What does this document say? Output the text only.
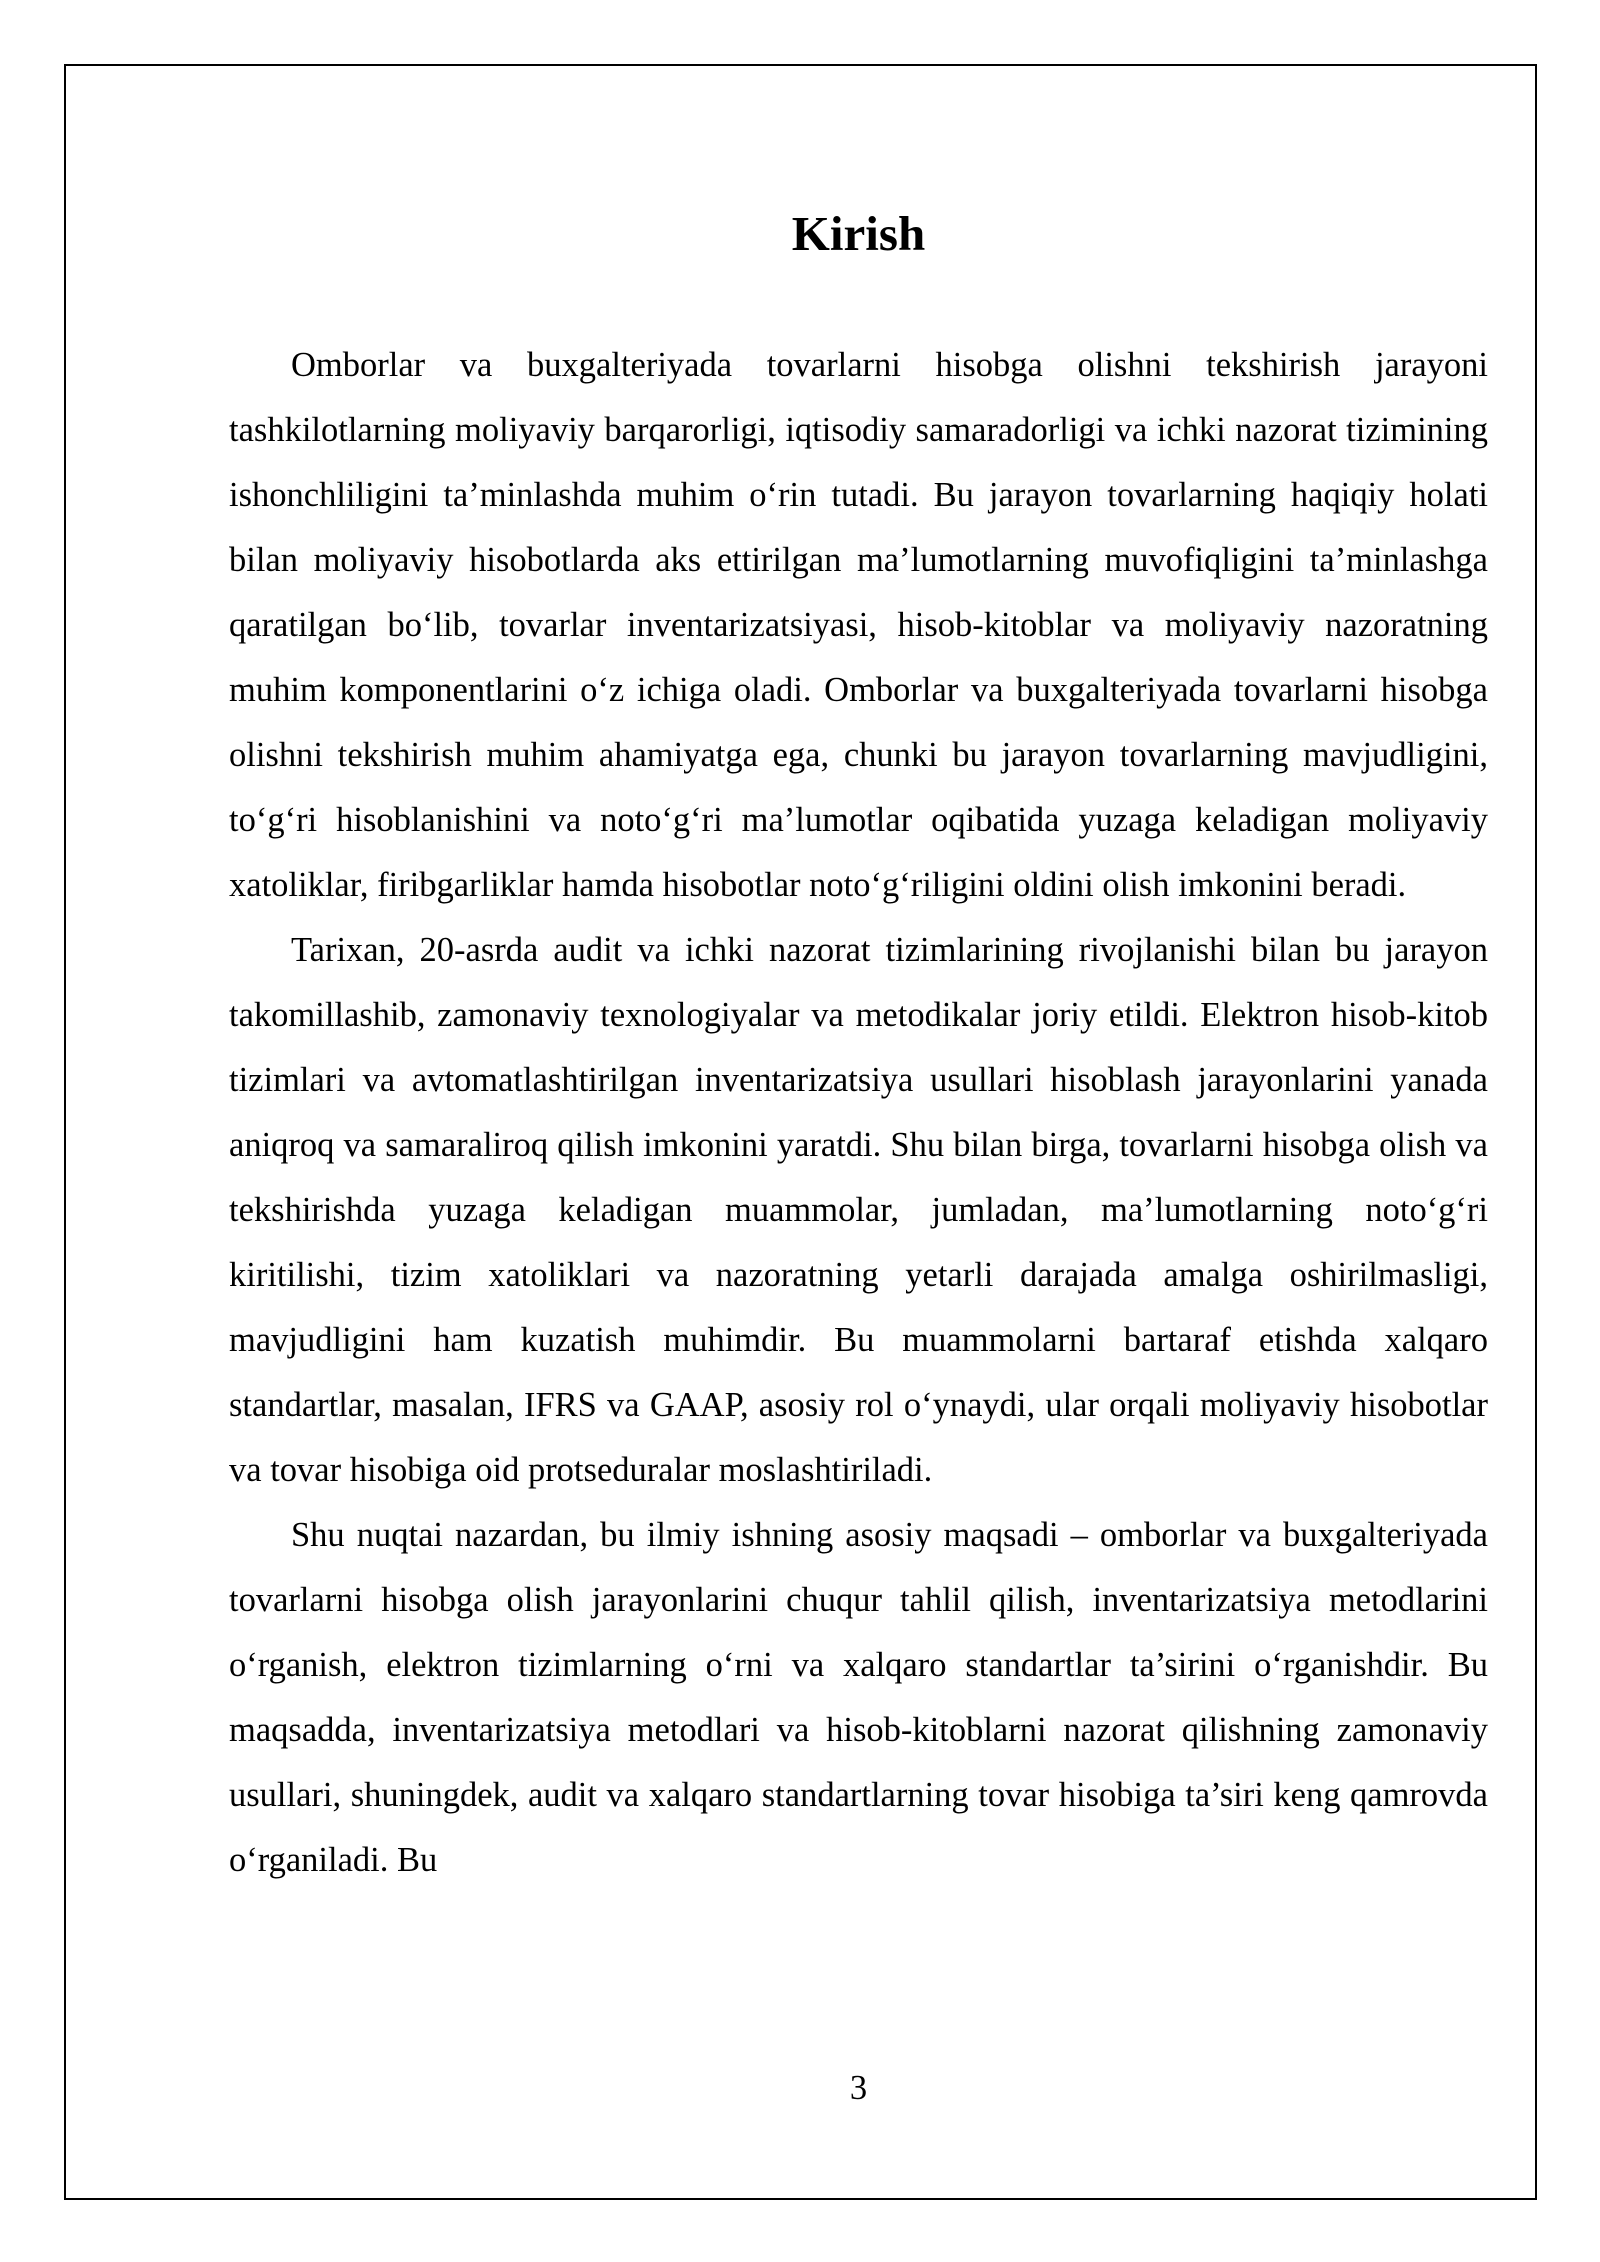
Kirish

Omborlar va buxgalteriyada tovarlarni hisobga olishni tekshirish jarayoni tashkilotlarning moliyaviy barqarorligi, iqtisodiy samaradorligi va ichki nazorat tizimining ishonchliligini ta’minlashda muhim o‘rin tutadi. Bu jarayon tovarlarning haqiqiy holati bilan moliyaviy hisobotlarda aks ettirilgan ma’lumotlarning muvofiqligini ta’minlashga qaratilgan bo‘lib, tovarlar inventarizatsiyasi, hisob-kitoblar va moliyaviy nazoratning muhim komponentlarini o‘z ichiga oladi. Omborlar va buxgalteriyada tovarlarni hisobga olishni tekshirish muhim ahamiyatga ega, chunki bu jarayon tovarlarning mavjudligini, to‘g‘ri hisoblanishini va noto‘g‘ri ma’lumotlar oqibatida yuzaga keladigan moliyaviy xatoliklar, firibgarliklar hamda hisobotlar noto‘g‘riligini oldini olish imkonini beradi.

Tarixan, 20-asrda audit va ichki nazorat tizimlarining rivojlanishi bilan bu jarayon takomillashib, zamonaviy texnologiyalar va metodikalar joriy etildi. Elektron hisob-kitob tizimlari va avtomatlashtirilgan inventarizatsiya usullari hisoblash jarayonlarini yanada aniqroq va samaraliroq qilish imkonini yaratdi. Shu bilan birga, tovarlarni hisobga olish va tekshirishda yuzaga keladigan muammolar, jumladan, ma’lumotlarning noto‘g‘ri kiritilishi, tizim xatoliklari va nazoratning yetarli darajada amalga oshirilmasligi, mavjudligini ham kuzatish muhimdir. Bu muammolarni bartaraf etishda xalqaro standartlar, masalan, IFRS va GAAP, asosiy rol o‘ynaydi, ular orqali moliyaviy hisobotlar va tovar hisobiga oid protseduralar moslashtiriladi.

Shu nuqtai nazardan, bu ilmiy ishning asosiy maqsadi – omborlar va buxgalteriyada tovarlarni hisobga olish jarayonlarini chuqur tahlil qilish, inventarizatsiya metodlarini o‘rganish, elektron tizimlarning o‘rni va xalqaro standartlar ta’sirini o‘rganishdir. Bu maqsadda, inventarizatsiya metodlari va hisob-kitoblarni nazorat qilishning zamonaviy usullari, shuningdek, audit va xalqaro standartlarning tovar hisobiga ta’siri keng qamrovda o‘rganiladi. Bu

3
